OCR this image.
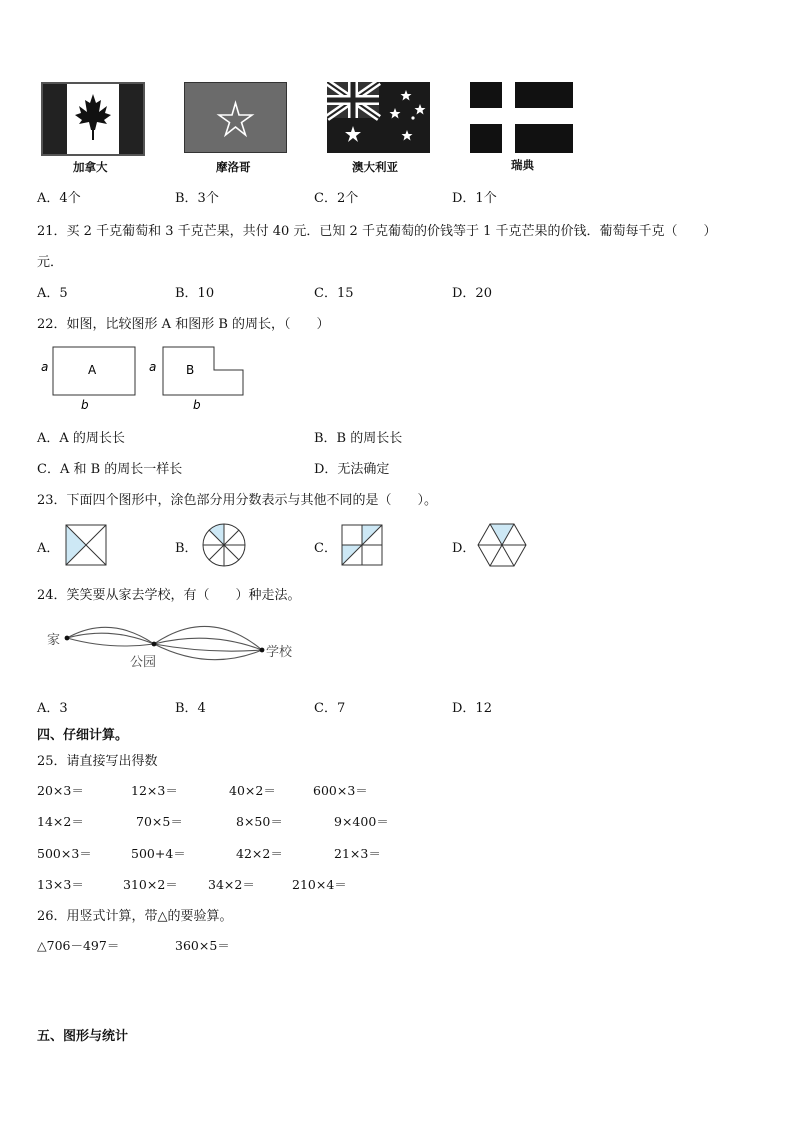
加拿大	摩洛哥	澳大利亚	瑞典
A．4个	B．3个	C．2个	D．1个
21．买 2 千克葡萄和 3 千克芒果，共付 40 元．已知 2 千克葡萄的价钱等于 1 千克芒果的价钱．葡萄每千克（　　）
元．
A．5	B．10	C．15	D．20
22．如图，比较图形 A 和图形 B 的周长，（　　）
A	B
a	a
b	b
A．A 的周长长	B．B 的周长长
C．A 和 B 的周长一样长	D．无法确定
23．下面四个图形中，涂色部分用分数表示与其他不同的是（　　）。
A．	B．	C．	D．
24．笑笑要从家去学校，有（　　）种走法。
家
公园
学校
A．3	B．4	C．7	D．12
四、仔细计算。
25．请直接写出得数
20×3＝	12×3＝	40×2＝	600×3＝
14×2＝	70×5＝	8×50＝	9×400＝
500×3＝	500+4＝	42×2＝	21×3＝
13×3＝	310×2＝ 34×2＝	210×4＝
26．用竖式计算，带△的要验算。
△706－497＝	360×5＝
五、图形与统计
